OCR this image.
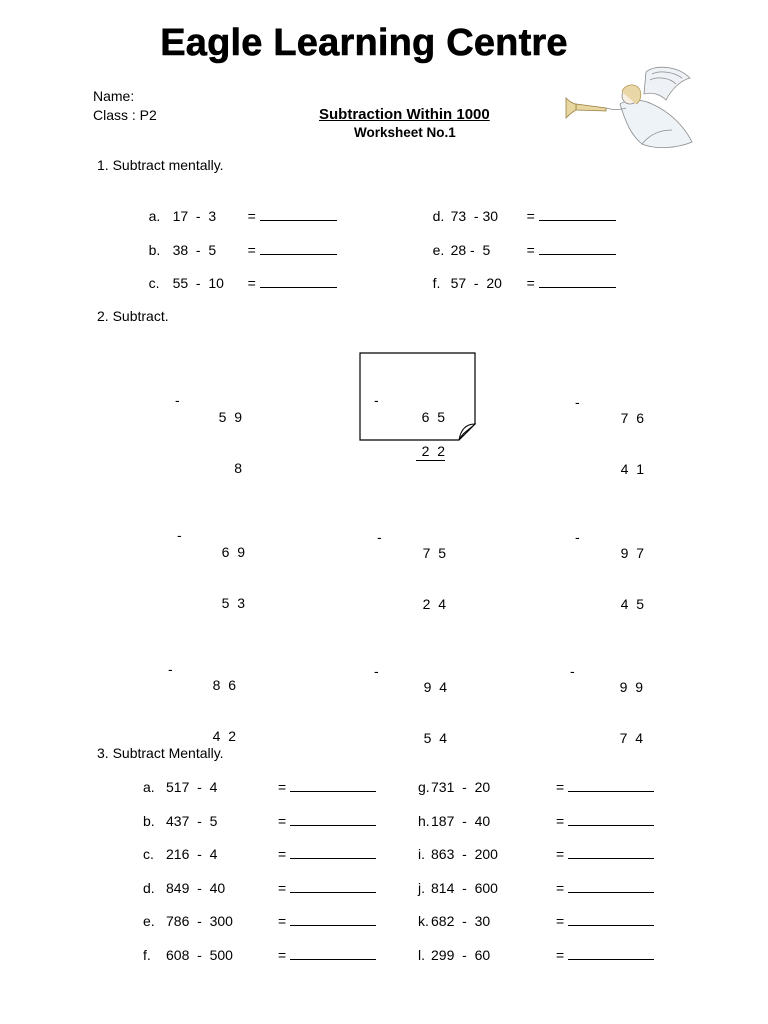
Eagle Learning Centre
Name:
Class : P2	Subtraction Within 1000
Worksheet No.1
1. Subtract mentally.

a. 17  -  3 =

b. 38  -  5 =

c. 55  -  10 =

d. 73  - 30 =

e. 28 -  5	=

f. 57  -  20 =

2. Subtract.

5  9

8

-

6  5

2  2

-

7  6

4  1

-

6  9

5  3

-

7  5

2  4

-

9  7

4  5

-

8  6

4  2

-

9  4

5  4

-

9  9

7  4

-
3. Subtract Mentally.
a. 517  -  4	=
b. 437  -  5	=
c. 216  -  4	=
d. 849  -  40	=
e. 786  -  300	=
f. 608  -  500	=
g.731  -  20	=
h.187  -  40	=
i. 863  -  200	=
j. 814  -  600	=
k. 682  -  30	=
l. 299  -  60	=
